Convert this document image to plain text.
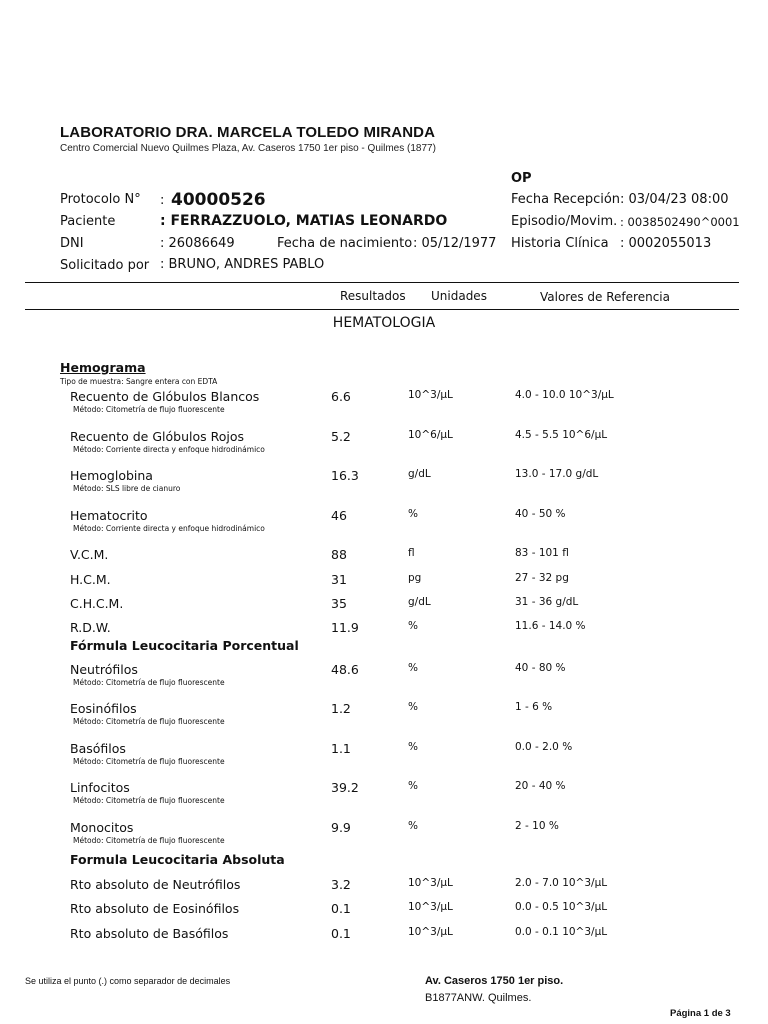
LABORATORIO DRA. MARCELA TOLEDO MIRANDA
Centro Comercial Nuevo Quilmes Plaza, Av. Caseros 1750 1er piso - Quilmes (1877)
OP
Protocolo N° : 40000526
Paciente	: FERRAZZUOLO, MATIAS LEONARDO
DNI	: 26086649	Fecha de nacimiento : 05/12/1977
Solicitado por : BRUNO, ANDRES PABLO
Fecha Recepción : 03/04/23 08:00
Episodio/Movim. : 0038502490^0001
Historia Clínica : 0002055013
Resultados Unidades	Valores de Referencia
HEMATOLOGIA
Hemograma
Tipo de muestra: Sangre entera con EDTA
Recuento de Glóbulos Blancos
Método: Citometría de flujo fluorescente
6.6	10^3/µL	4.0 - 10.0 10^3/µL
Recuento de Glóbulos Rojos
Método: Corriente directa y enfoque hidrodinámico
5.2	10^6/µL	4.5 - 5.5 10^6/µL
Hemoglobina
Método: SLS libre de cianuro
16.3	g/dL	13.0 - 17.0 g/dL
Hematocrito
Método: Corriente directa y enfoque hidrodinámico
46	%	40 - 50 %
V.C.M.	88	fl	83 - 101 fl
H.C.M.	31	pg	27 - 32 pg
C.H.C.M.	35	g/dL	31 - 36 g/dL
R.D.W.	11.9	%	11.6 - 14.0 %
Fórmula Leucocitaria Porcentual
Neutrófilos
Método: Citometría de flujo fluorescente
48.6	%	40 - 80 %
Eosinófilos
Método: Citometría de flujo fluorescente
1.2	%	1 - 6 %
Basófilos
Método: Citometría de flujo fluorescente
1.1	%	0.0 - 2.0 %
Linfocitos
Método: Citometría de flujo fluorescente
39.2	%	20 - 40 %
Monocitos
Método: Citometría de flujo fluorescente
9.9	%	2 - 10 %
Formula Leucocitaria Absoluta
Rto absoluto de Neutrófilos	3.2	10^3/µL	2.0 - 7.0 10^3/µL
Rto absoluto de Eosinófilos	0.1	10^3/µL	0.0 - 0.5 10^3/µL
Rto absoluto de Basófilos	0.1	10^3/µL	0.0 - 0.1 10^3/µL
Se utiliza el punto (.) como separador de decimales	Av. Caseros 1750 1er piso.
B1877ANW. Quilmes.
Página 1 de 3
